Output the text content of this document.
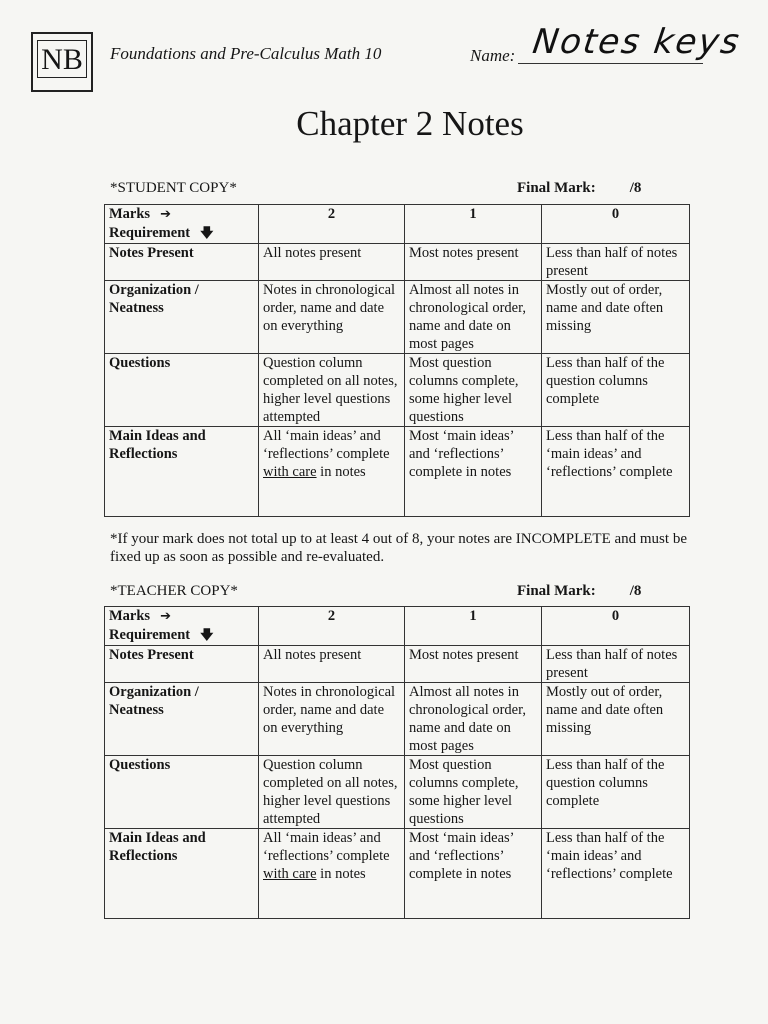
NB Foundations and Pre-Calculus Math 10	Name: Notes keys
Chapter 2 Notes
*STUDENT COPY*	Final Mark: /8
Marks ➔
Requirement 🡇	2	1	0
Notes Present	All notes present	Most notes present	Less than half of notes present
Organization / Neatness	Notes in chronological order, name and date on everything	Almost all notes in chronological order, name and date on most pages	Mostly out of order, name and date often missing
Questions	Question column completed on all notes, higher level questions attempted	Most question columns complete, some higher level questions	Less than half of the question columns complete
Main Ideas and Reflections	All ‘main ideas’ and ‘reflections’ complete with care in notes	Most ‘main ideas’ and ‘reflections’ complete in notes	Less than half of the ‘main ideas’ and ‘reflections’ complete
*If your mark does not total up to at least 4 out of 8, your notes are INCOMPLETE and must be fixed up as soon as possible and re-evaluated.
*TEACHER COPY*	Final Mark: /8
Marks ➔
Requirement 🡇	2	1	0
Notes Present	All notes present	Most notes present	Less than half of notes present
Organization / Neatness	Notes in chronological order, name and date on everything	Almost all notes in chronological order, name and date on most pages	Mostly out of order, name and date often missing
Questions	Question column completed on all notes, higher level questions attempted	Most question columns complete, some higher level questions	Less than half of the question columns complete
Main Ideas and Reflections	All ‘main ideas’ and ‘reflections’ complete with care in notes	Most ‘main ideas’ and ‘reflections’ complete in notes	Less than half of the ‘main ideas’ and ‘reflections’ complete
